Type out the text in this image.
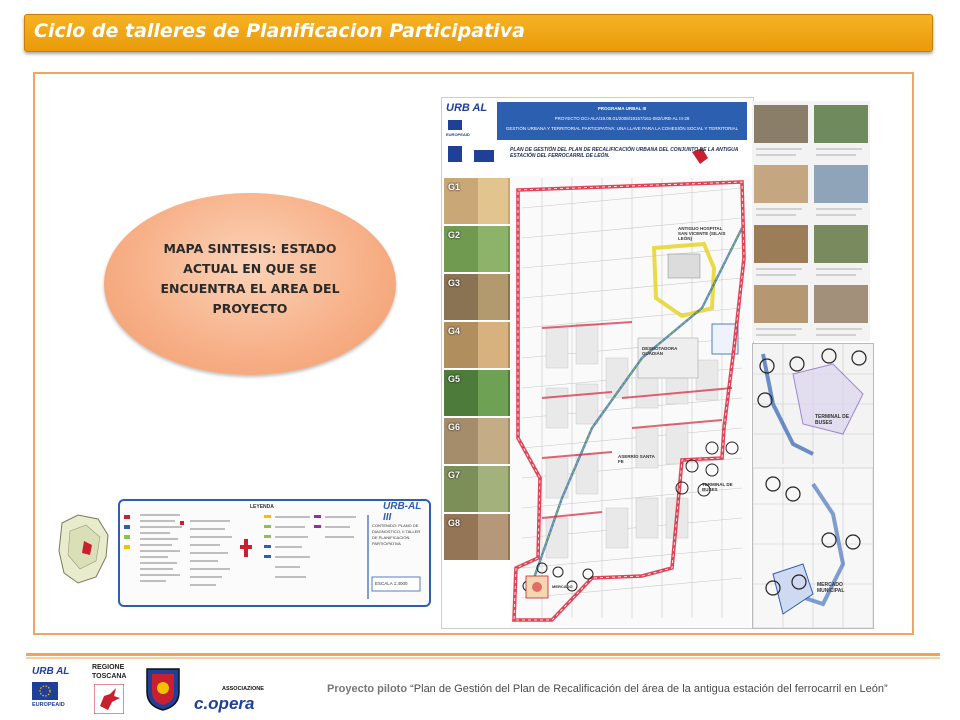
Ciclo de talleres de Planificacion Participativa
MAPA SINTESIS: ESTADO ACTUAL EN QUE SE ENCUENTRA EL AREA DEL PROYECTO
URB-AL III
LEYENDA
CONTENIDO: PLANO DE DIAGNOSTICO, II TALLER DE PLANIFICACIÓN PARTICIPATIVA
ESCALA 1:4000
URB AL
EUROPEAID
G1
G2
G3
G4
G5
G6
G7
G8
ANTIGUO HOSPITAL SAN VICENTE (SILAIS LEÓN)
DESMOTADORA GUADIÁN
ASERRÍO SANTA FE
TERMINAL DE BUSES
MERCADO
PROGRAMA URBAL III
PROYECTO DCI-ALA/19.09.01/2008/19157/161-082/URB-AL III-28
GESTIÓN URBANA Y TERRITORIAL PARTICIPATIVA: UNA LLAVE PARA LA COHESIÓN SOCIAL Y TERRITORIAL
PLAN DE GESTIÓN DEL PLAN DE RECALIFICACIÓN URBANA DEL CONJUNTO DE LA ANTIGUA ESTACIÓN DEL FERROCARRIL DE LEÓN.
TERMINAL DE BUSES
MERCADO MUNICIPAL
URB AL
EUROPEAID
REGIONE
TOSCANA
ASSOCIAZIONE
c.opera
Proyecto piloto “Plan de Gestión del Plan de Recalificación del área de la antigua estación del ferrocarril en León”
